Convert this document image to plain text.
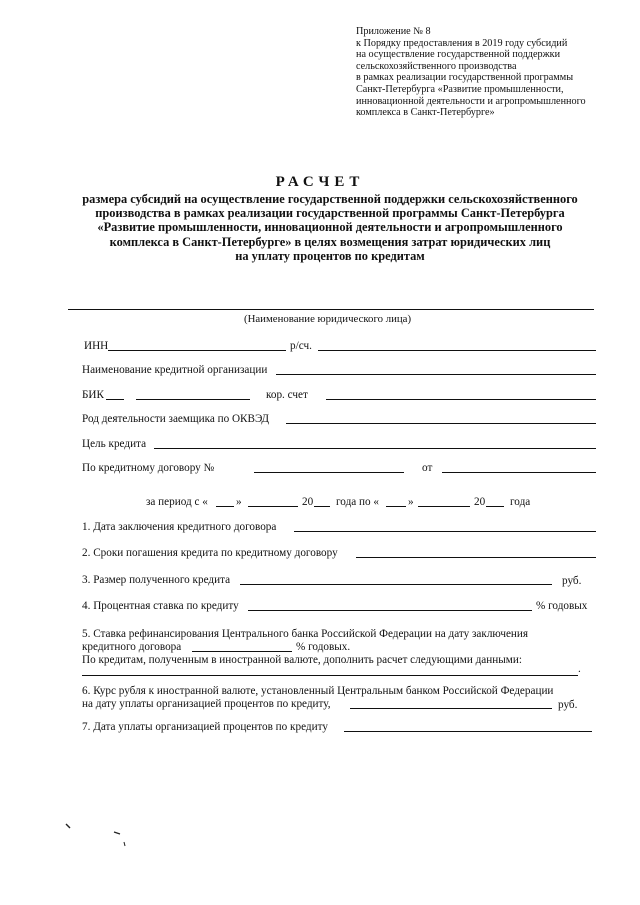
Приложение № 8
к Порядку предоставления в 2019 году субсидий
на осуществление государственной поддержки
сельскохозяйственного производства
в рамках реализации государственной программы
Санкт-Петербурга «Развитие промышленности,
инновационной деятельности и агропромышленного
комплекса в Санкт-Петербурге»
РАСЧЕТ
размера субсидий на осуществление государственной поддержки сельскохозяйственного
производства в рамках реализации государственной программы Санкт-Петербурга
«Развитие промышленности, инновационной деятельности и агропромышленного
комплекса в Санкт-Петербурге» в целях возмещения затрат юридических лиц
на уплату процентов по кредитам
(Наименование юридического лица)
ИНН	р/сч.
Наименование кредитной организации
БИК	кор. счет
Род деятельности заемщика по ОКВЭД
Цель кредита
По кредитному договору №	от
за период с «	»	20 года по «	»	20 года
1. Дата заключения кредитного договора
2. Сроки погашения кредита по кредитному договору
3. Размер полученного кредита	руб.
4. Процентная ставка по кредиту	% годовых
5. Ставка рефинансирования Центрального банка Российской Федерации на дату заключения
кредитного договора	% годовых.
По кредитам, полученным в иностранной валюте, дополнить расчет следующими данными:
.
6. Курс рубля к иностранной валюте, установленный Центральным банком Российской Федерации
на дату уплаты организацией процентов по кредиту,	руб.
7. Дата уплаты организацией процентов по кредиту
